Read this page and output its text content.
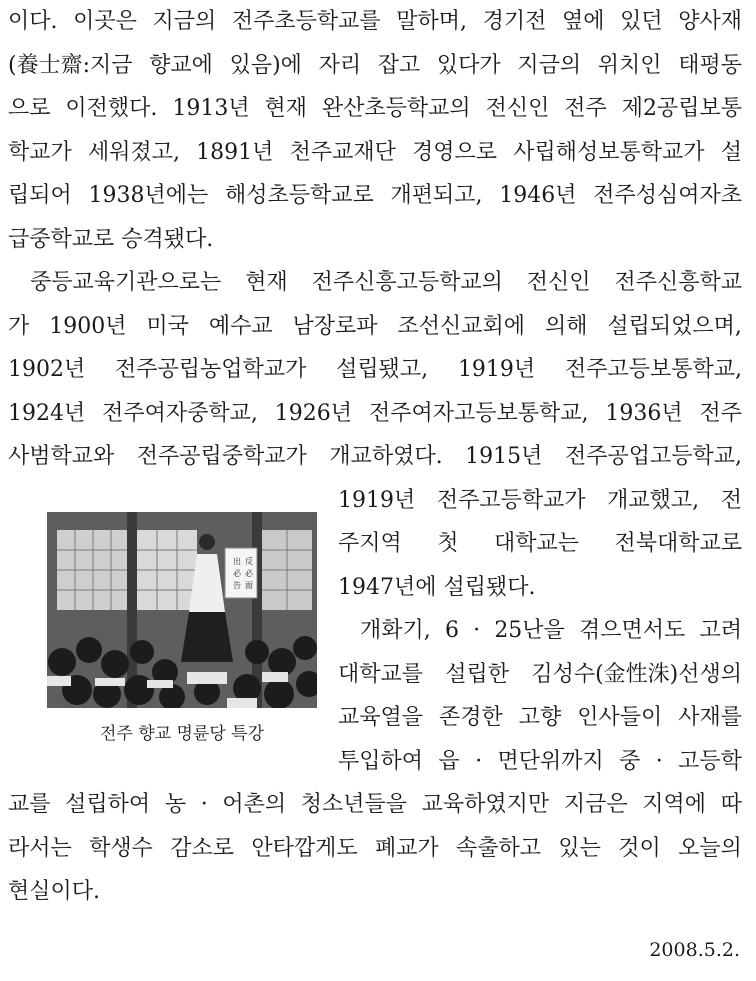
이다. 이곳은 지금의 전주초등학교를 말하며, 경기전 옆에 있던 양사재
(養士齋:지금 향교에 있음)에 자리 잡고 있다가 지금의 위치인 태평동
으로 이전했다. 1913년 현재 완산초등학교의 전신인 전주 제2공립보통
학교가 세워졌고, 1891년 천주교재단 경영으로 사립해성보통학교가 설
립되어 1938년에는 해성초등학교로 개편되고, 1946년 전주성심여자초
급중학교로 승격됐다.
중등교육기관으로는 현재 전주신흥고등학교의 전신인 전주신흥학교
가 1900년 미국 예수교 남장로파 조선신교회에 의해 설립되었으며,
1902년 전주공립농업학교가 설립됐고, 1919년 전주고등보통학교,
1924년 전주여자중학교, 1926년 전주여자고등보통학교, 1936년 전주
사범학교와 전주공립중학교가 개교하였다. 1915년 전주공업고등학교,
出
必
告
反
必
面
전주 향교 명륜당 특강
1919년 전주고등학교가 개교했고, 전
주지역 첫 대학교는 전북대학교로
1947년에 설립됐다.
개화기, 6 · 25난을 겪으면서도 고려
대학교를 설립한 김성수(金性洙)선생의
교육열을 존경한 고향 인사들이 사재를
투입하여 읍 · 면단위까지 중 · 고등학
교를 설립하여 농 · 어촌의 청소년들을 교육하였지만 지금은 지역에 따
라서는 학생수 감소로 안타깝게도 폐교가 속출하고 있는 것이 오늘의
현실이다.
2008.5.2.
